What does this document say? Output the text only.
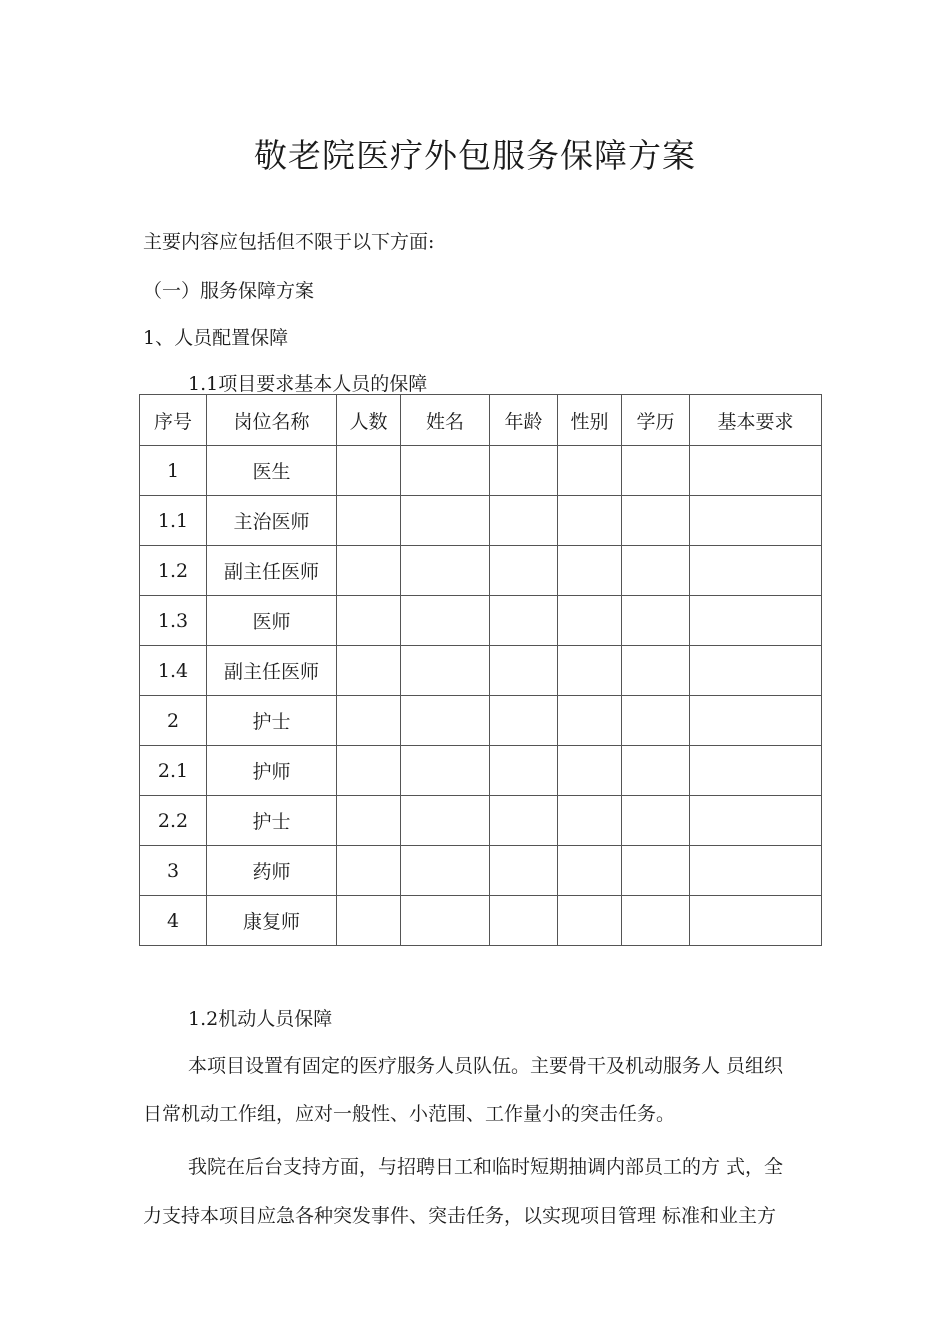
敬老院医疗外包服务保障方案
主要内容应包括但不限于以下方面:
（一）服务保障方案
1、人员配置保障
1.1项目要求基本人员的保障
序号	岗位名称	人数	姓名	年龄	性别	学历	基本要求
1	医生						
1.1	主治医师						
1.2	副主任医师						
1.3	医师						
1.4	副主任医师						
2	护士						
2.1	护师						
2.2	护士						
3	药师						
4	康复师						
1.2机动人员保障
本项目设置有固定的医疗服务人员队伍。主要骨干及机动服务人 员组织
日常机动工作组，应对一般性、小范围、工作量小的突击任务。
我院在后台支持方面，与招聘日工和临时短期抽调内部员工的方 式，全
力支持本项目应急各种突发事件、突击任务，以实现项目管理 标准和业主方
